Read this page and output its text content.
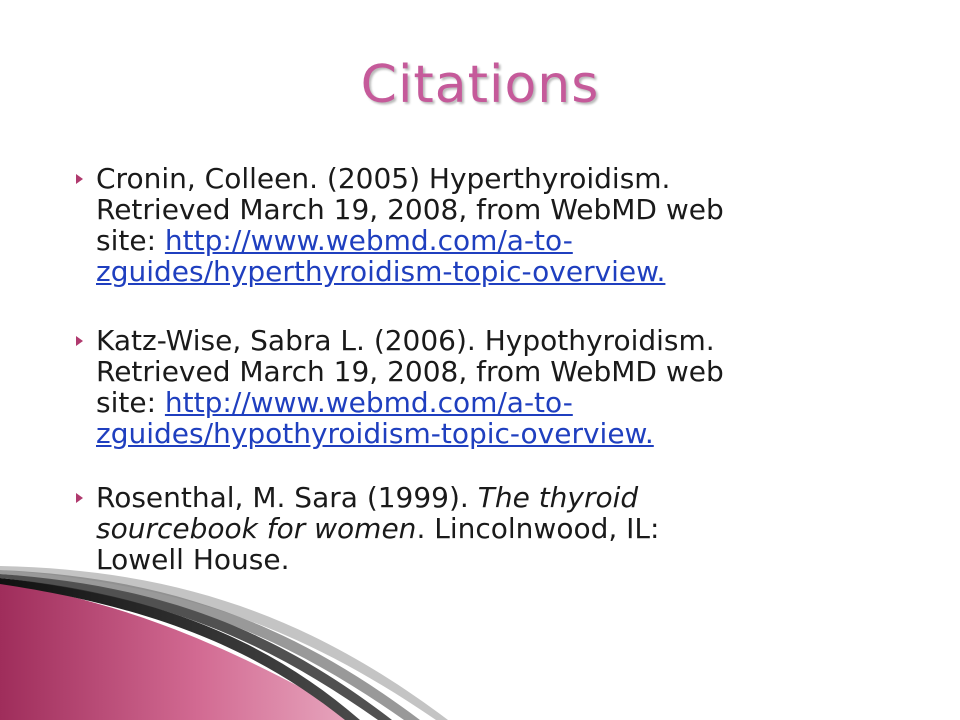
Citations
Cronin, Colleen. (2005) Hyperthyroidism.
Retrieved March 19, 2008, from WebMD web
site: http://www.webmd.com/a-to-
zguides/hyperthyroidism-topic-overview.
Katz-Wise, Sabra L. (2006). Hypothyroidism.
Retrieved March 19, 2008, from WebMD web
site: http://www.webmd.com/a-to-
zguides/hypothyroidism-topic-overview.
Rosenthal, M. Sara (1999). The thyroid
sourcebook for women. Lincolnwood, IL:
Lowell House.
